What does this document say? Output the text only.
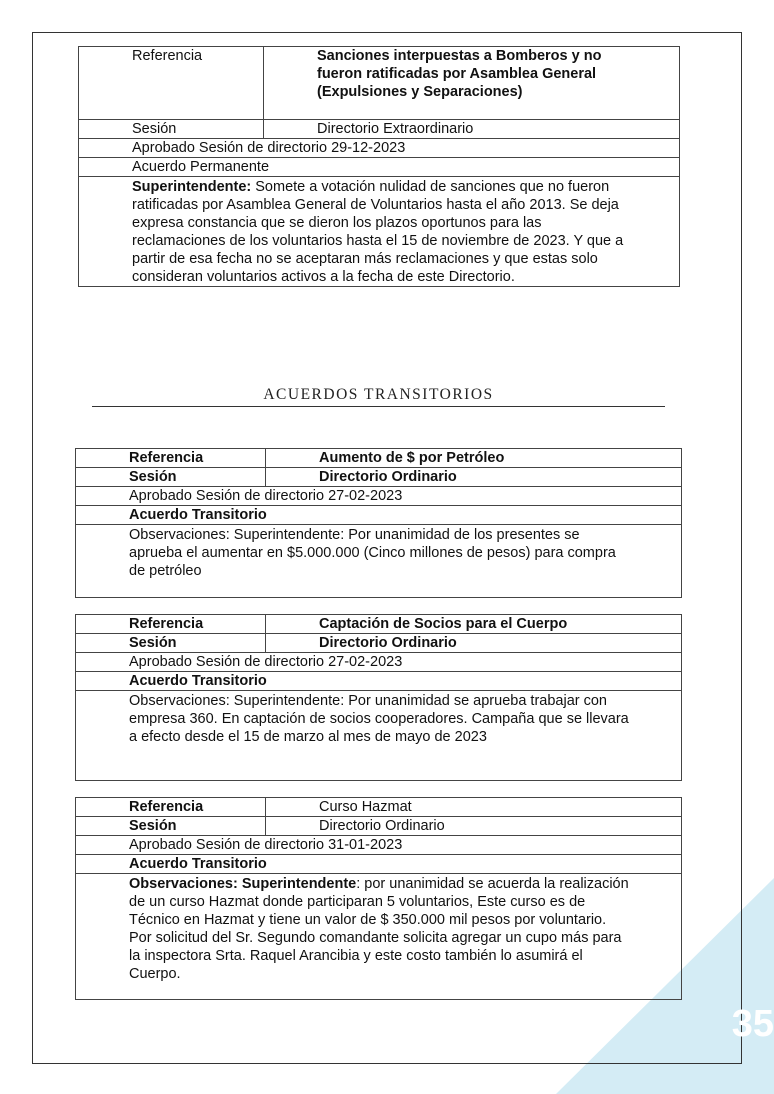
35
Referencia	Sanciones interpuestas a Bomberos y no fueron ratificadas por Asamblea General (Expulsiones y Separaciones)
Sesión	Directorio Extraordinario
Aprobado Sesión de directorio 29-12-2023	
Acuerdo Permanente	
Superintendente: Somete a votación nulidad de sanciones que no fueron ratificadas por Asamblea General de Voluntarios hasta el año 2013. Se deja expresa constancia que se dieron los plazos oportunos para las reclamaciones de los voluntarios hasta el 15 de noviembre de 2023. Y que a partir de esa fecha no se aceptaran más reclamaciones y que estas solo consideran voluntarios activos a la fecha de este Directorio.	
ACUERDOS TRANSITORIOS
Referencia	Aumento de $ por Petróleo
Sesión	Directorio Ordinario
Aprobado Sesión de directorio 27-02-2023	
Acuerdo Transitorio	
Observaciones: Superintendente: Por unanimidad de los presentes se aprueba el aumentar en $5.000.000 (Cinco millones de pesos) para compra de petróleo	
Referencia	Captación de Socios para el Cuerpo
Sesión	Directorio Ordinario
Aprobado Sesión de directorio 27-02-2023	
Acuerdo Transitorio	
Observaciones: Superintendente: Por unanimidad se aprueba trabajar con empresa 360. En captación de socios cooperadores. Campaña que se llevara a efecto desde el 15 de marzo al mes de mayo de 2023	
Referencia	Curso Hazmat
Sesión	Directorio Ordinario
Aprobado Sesión de directorio 31-01-2023	
Acuerdo Transitorio	
Observaciones: Superintendente: por unanimidad se acuerda la realización de un curso Hazmat donde participaran 5 voluntarios, Este curso es de Técnico en Hazmat y tiene un valor de $ 350.000 mil pesos por voluntario. Por solicitud del Sr. Segundo comandante solicita agregar un cupo más para la inspectora Srta. Raquel Arancibia y este costo también lo asumirá el Cuerpo.	
